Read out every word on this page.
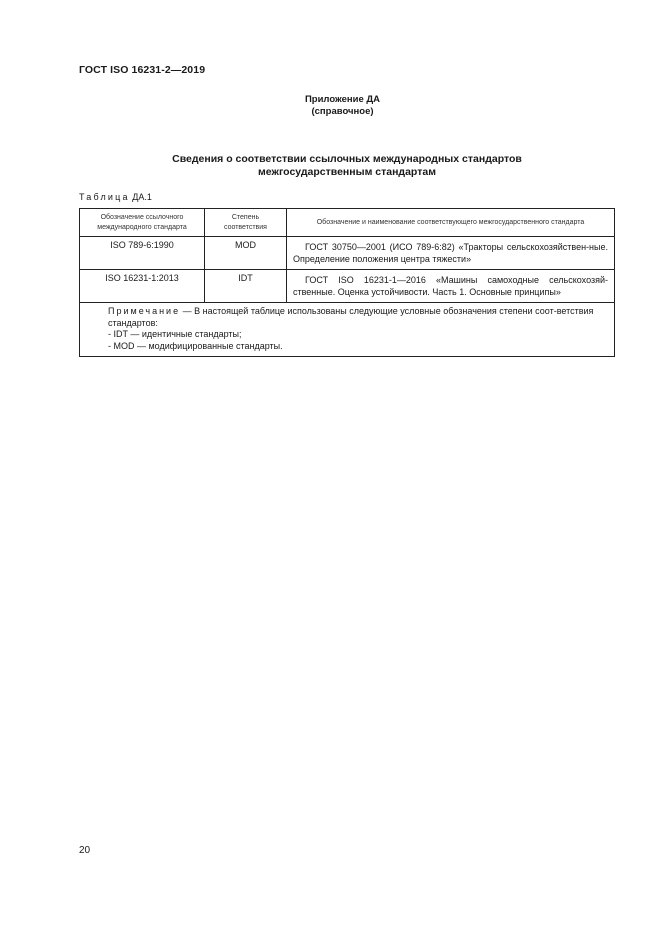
ГОСТ ISO 16231-2—2019
Приложение ДА
(справочное)
Сведения о соответствии ссылочных международных стандартов
межгосударственным стандартам
Таблица ДА.1
Обозначение ссылочного международного стандарта	Степень соответствия	Обозначение и наименование соответствующего межгосударственного стандарта
ISO 789-6:1990	MOD	ГОСТ 30750—2001 (ИСО 789-6:82) «Тракторы сельскохозяйствен-ные. Определение положения центра тяжести»
ISO 16231-1:2013	IDT	ГОСТ ISO 16231-1—2016 «Машины самоходные сельскохозяй-ственные. Оценка устойчивости. Часть 1. Основные принципы»

Примечание — В настоящей таблице использованы следующие условные обозначения степени соот-ветствия стандартов:
- IDT — идентичные стандарты;
- MOD — модифицированные стандарты.		
20
